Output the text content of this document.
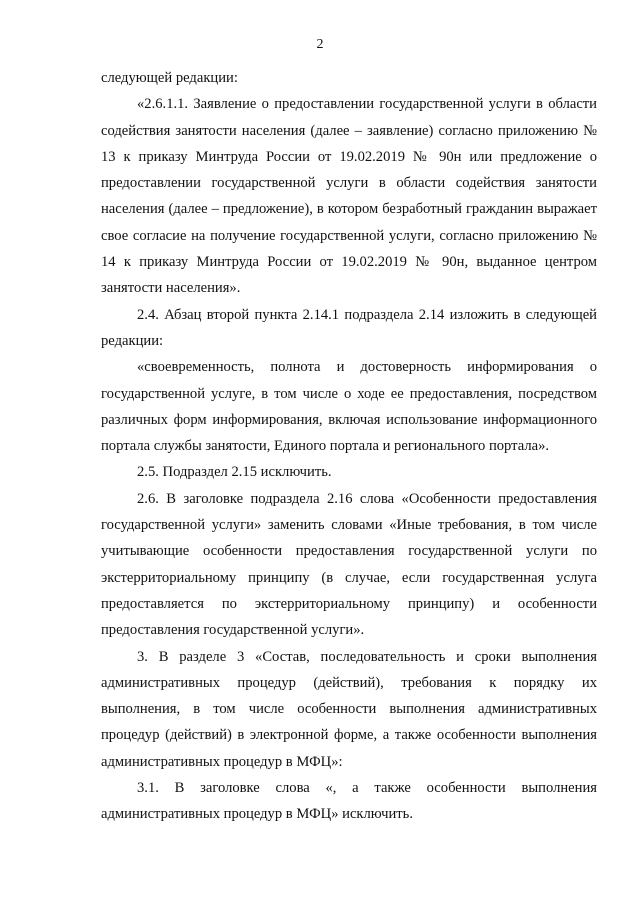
2

следующей редакции:

«2.6.1.1. Заявление о предоставлении государственной услуги в области содействия занятости населения (далее – заявление) согласно приложению № 13 к приказу Минтруда России от 19.02.2019 № 90н или предложение о предоставлении государственной услуги в области содействия занятости населения (далее – предложение), в котором безработный гражданин выражает свое согласие на получение государственной услуги, согласно приложению № 14 к приказу Минтруда России от 19.02.2019 № 90н, выданное центром занятости населения».

2.4. Абзац второй пункта 2.14.1 подраздела 2.14 изложить в следующей редакции:

«своевременность, полнота и достоверность информирования о государственной услуге, в том числе о ходе ее предоставления, посредством различных форм информирования, включая использование информационного портала службы занятости, Единого портала и регионального портала».

2.5. Подраздел 2.15 исключить.

2.6. В заголовке подраздела 2.16 слова «Особенности предоставления государственной услуги» заменить словами «Иные требования, в том числе учитывающие особенности предоставления государственной услуги по экстерриториальному принципу (в случае, если государственная услуга предоставляется по экстерриториальному принципу) и особенности предоставления государственной услуги».

3. В разделе 3 «Состав, последовательность и сроки выполнения административных процедур (действий), требования к порядку их выполнения, в том числе особенности выполнения административных процедур (действий) в электронной форме, а также особенности выполнения административных процедур в МФЦ»:

3.1. В заголовке слова «, а также особенности выполнения административных процедур в МФЦ» исключить.
